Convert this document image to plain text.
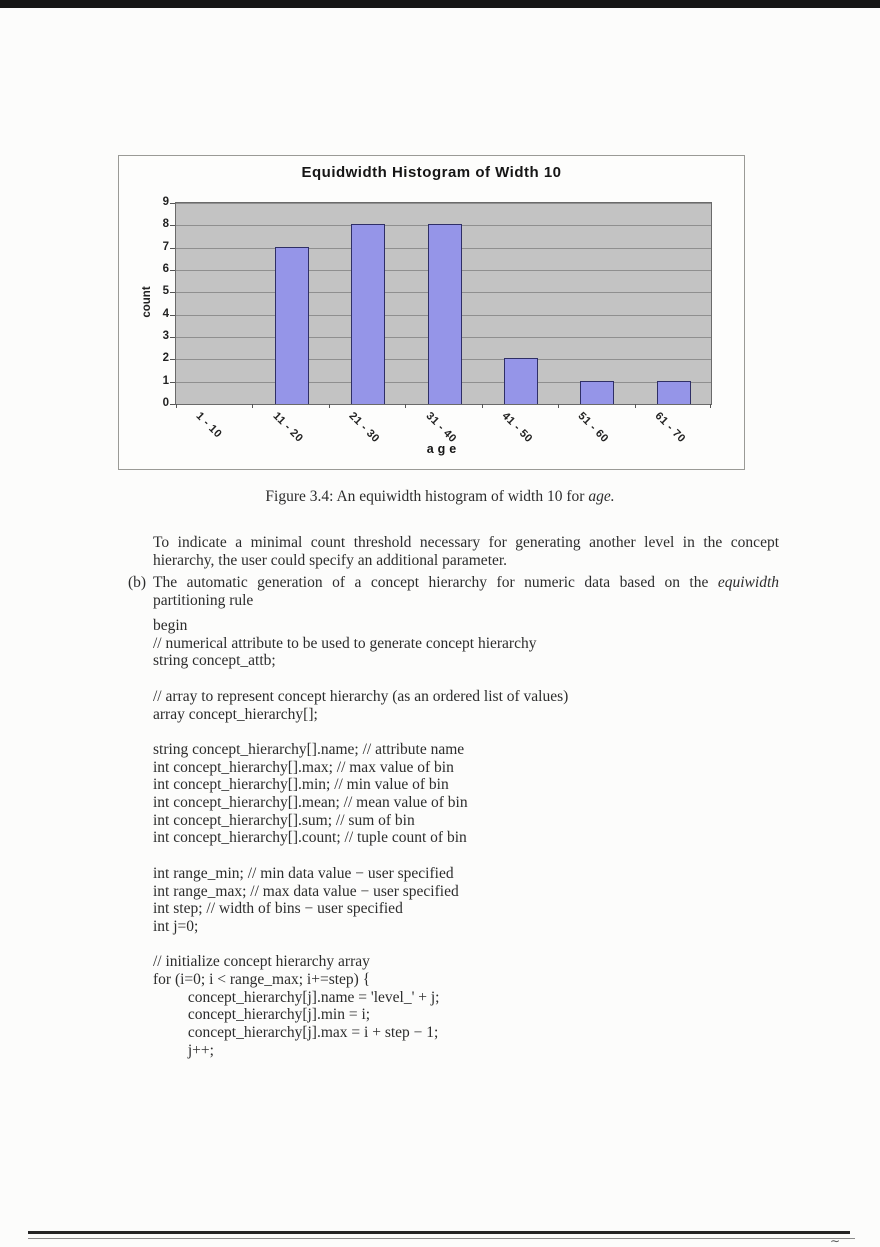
Equidwidth Histogram of Width 10
count
age
0
1
2
3
4
5
6
7
8
9
1 - 10	11 - 20	21 - 30	31 - 40	41 - 50	51 - 60	61 - 70
Figure 3.4: An equiwidth histogram of width 10 for age.
To indicate a minimal count threshold necessary for generating another level in the concept hierarchy, the user could specify an additional parameter.
(b) The automatic generation of a concept hierarchy for numeric data based on the equiwidth partitioning rule
begin
// numerical attribute to be used to generate concept hierarchy
string concept_attb;

// array to represent concept hierarchy (as an ordered list of values)
array concept_hierarchy[];

string concept_hierarchy[].name; // attribute name
int concept_hierarchy[].max; // max value of bin
int concept_hierarchy[].min; // min value of bin
int concept_hierarchy[].mean; // mean value of bin
int concept_hierarchy[].sum; // sum of bin
int concept_hierarchy[].count; // tuple count of bin

int range_min; // min data value − user specified
int range_max; // max data value − user specified
int step; // width of bins − user specified
int j=0;

// initialize concept hierarchy array
for (i=0; i < range_max; i+=step) {
concept_hierarchy[j].name = 'level_' + j;
concept_hierarchy[j].min = i;
concept_hierarchy[j].max = i + step − 1;
j++;
∼
